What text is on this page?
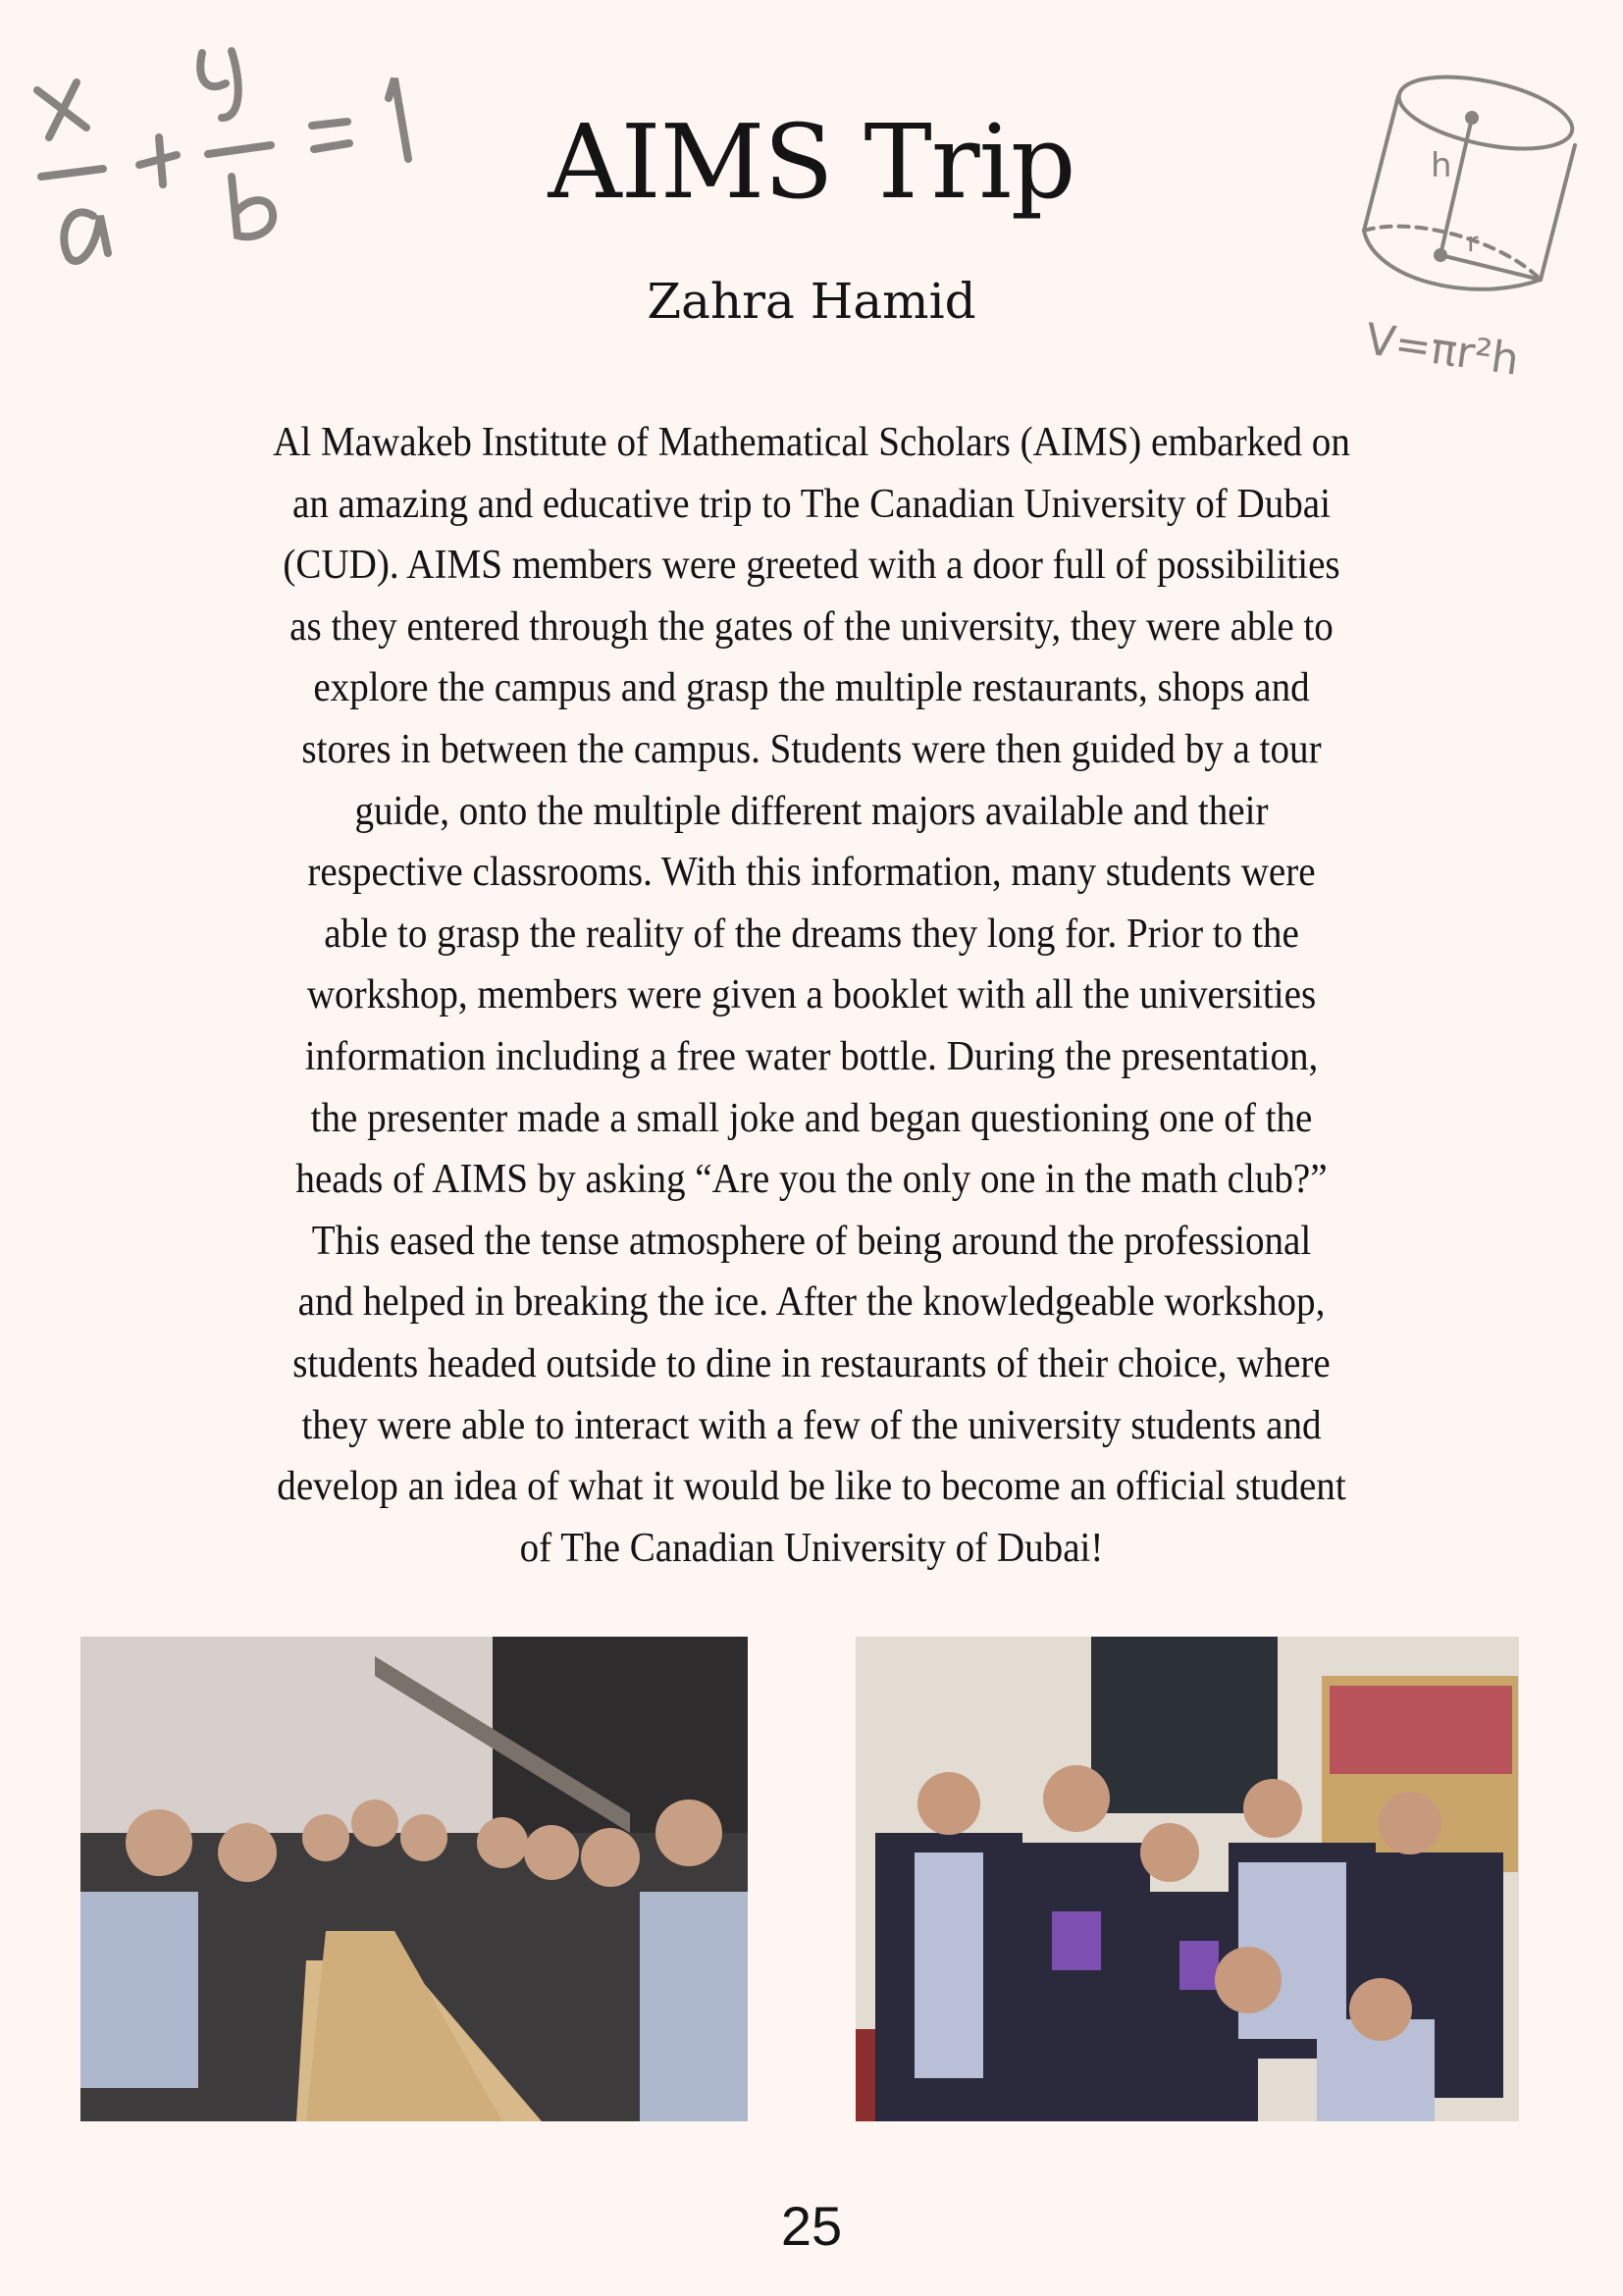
h
r
V=πr²h
AIMS Trip
Zahra Hamid
Al Mawakeb Institute of Mathematical Scholars (AIMS) embarked on
an amazing and educative trip to The Canadian University of Dubai
(CUD). AIMS members were greeted with a door full of possibilities
as they entered through the gates of the university, they were able to
explore the campus and grasp the multiple restaurants, shops and
stores in between the campus. Students were then guided by a tour
guide, onto the multiple different majors available and their
respective classrooms. With this information, many students were
able to grasp the reality of the dreams they long for. Prior to the
workshop, members were given a booklet with all the universities
information including a free water bottle. During the presentation,
the presenter made a small joke and began questioning one of the
heads of AIMS by asking “Are you the only one in the math club?”
This eased the tense atmosphere of being around the professional
and helped in breaking the ice. After the knowledgeable workshop,
students headed outside to dine in restaurants of their choice, where
they were able to interact with a few of the university students and
develop an idea of what it would be like to become an official student
of The Canadian University of Dubai!
25
